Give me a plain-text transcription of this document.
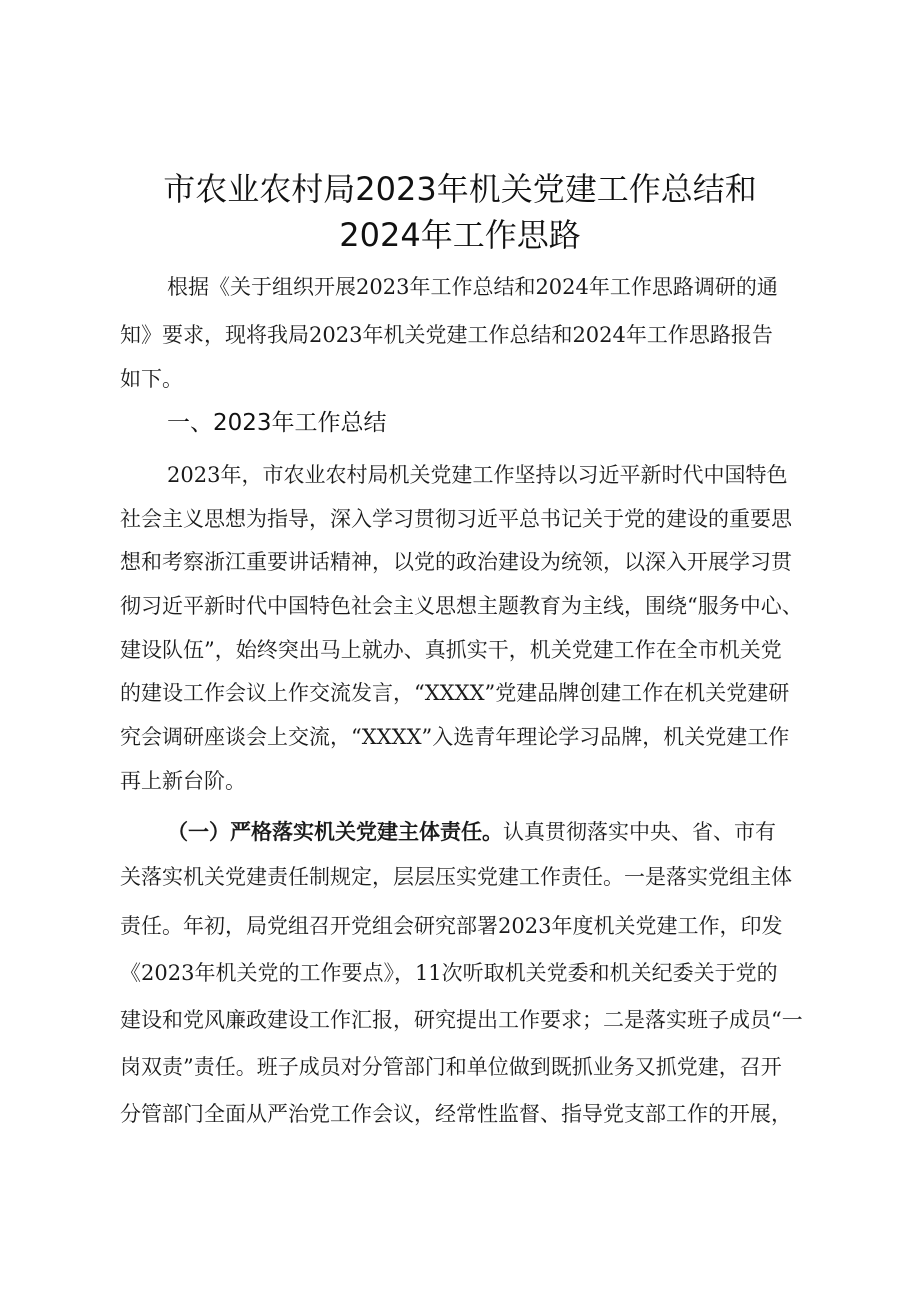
市农业农村局2023年机关党建工作总结和
2024年工作思路
根据《关于组织开展2023年工作总结和2024年工作思路调研的通
知》要求，现将我局2023年机关党建工作总结和2024年工作思路报告
如下。
一、2023年工作总结
2023年，市农业农村局机关党建工作坚持以习近平新时代中国特色
社会主义思想为指导，深入学习贯彻习近平总书记关于党的建设的重要思
想和考察浙江重要讲话精神，以党的政治建设为统领，以深入开展学习贯
彻习近平新时代中国特色社会主义思想主题教育为主线，围绕“服务中心、
建设队伍”，始终突出马上就办、真抓实干，机关党建工作在全市机关党
的建设工作会议上作交流发言，“XXXX”党建品牌创建工作在机关党建研
究会调研座谈会上交流，“XXXX”入选青年理论学习品牌，机关党建工作
再上新台阶。
（一）严格落实机关党建主体责任。认真贯彻落实中央、省、市有
关落实机关党建责任制规定，层层压实党建工作责任。一是落实党组主体
责任。年初，局党组召开党组会研究部署2023年度机关党建工作，印发
《2023年机关党的工作要点》，11次听取机关党委和机关纪委关于党的
建设和党风廉政建设工作汇报，研究提出工作要求；二是落实班子成员“一
岗双责”责任。班子成员对分管部门和单位做到既抓业务又抓党建，召开
分管部门全面从严治党工作会议，经常性监督、指导党支部工作的开展，
